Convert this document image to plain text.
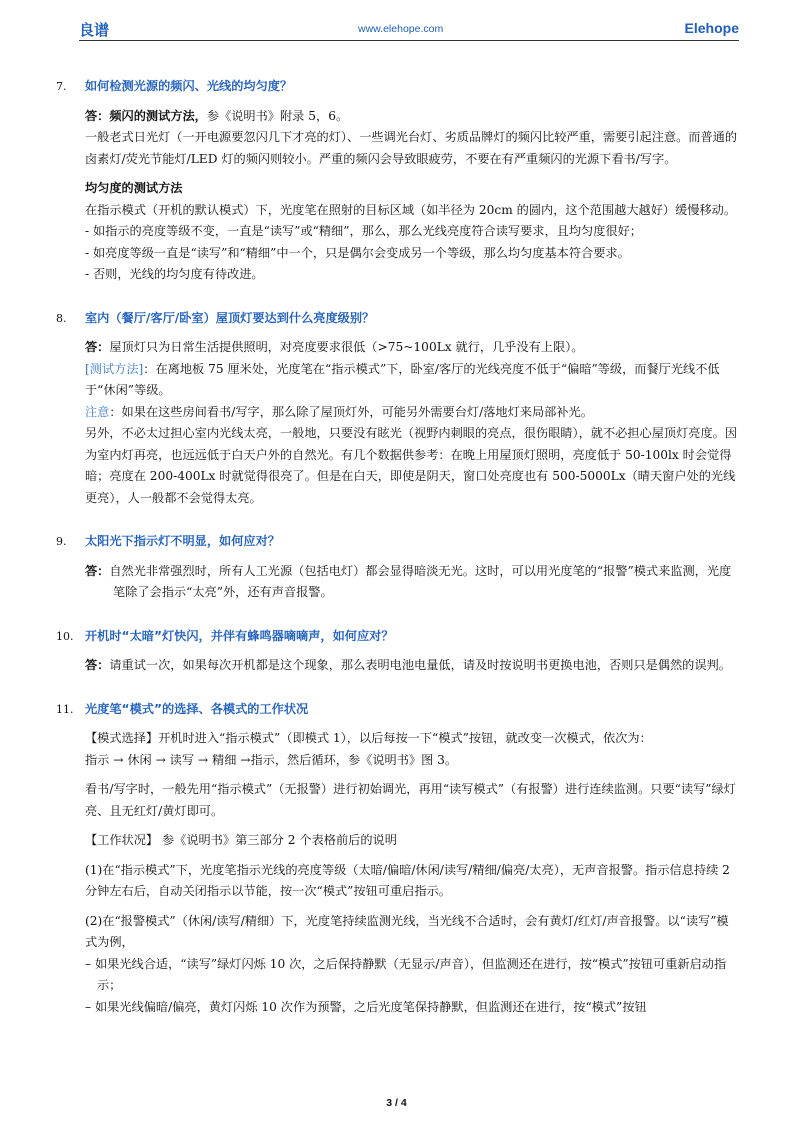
良谱	www.elehope.com	Elehope
7. 如何检测光源的频闪、光线的均匀度？

答：频闪的测试方法，参《说明书》附录 5，6。

一般老式日光灯（一开电源要忽闪几下才亮的灯）、一些调光台灯、劣质品牌灯的频闪比较严重，需要引起注意。而普通的卤素灯/荧光节能灯/LED 灯的频闪则较小。严重的频闪会导致眼疲劳，不要在有严重频闪的光源下看书/写字。

均匀度的测试方法

在指示模式（开机的默认模式）下，光度笔在照射的目标区域（如半径为 20cm 的圆内，这个范围越大越好）缓慢移动。

- 如指示的亮度等级不变，一直是“读写”或“精细”，那么，那么光线亮度符合读写要求，且均匀度很好；

- 如亮度等级一直是“读写”和“精细”中一个，只是偶尔会变成另一个等级，那么均匀度基本符合要求。

- 否则，光线的均匀度有待改进。

8. 室内（餐厅/客厅/卧室）屋顶灯要达到什么亮度级别？

答：屋顶灯只为日常生活提供照明，对亮度要求很低（>75~100Lx 就行，几乎没有上限）。

[测试方法]：在离地板 75 厘米处，光度笔在“指示模式”下，卧室/客厅的光线亮度不低于“偏暗”等级，而餐厅光线不低于“休闲”等级。

注意：如果在这些房间看书/写字，那么除了屋顶灯外，可能另外需要台灯/落地灯来局部补光。

另外，不必太过担心室内光线太亮，一般地，只要没有眩光（视野内刺眼的亮点，很伤眼睛），就不必担心屋顶灯亮度。因为室内灯再亮，也远远低于白天户外的自然光。有几个数据供参考：在晚上用屋顶灯照明，亮度低于 50-100lx 时会觉得暗；亮度在 200-400Lx 时就觉得很亮了。但是在白天，即使是阴天，窗口处亮度也有 500-5000Lx（晴天窗户处的光线更亮），人一般都不会觉得太亮。

9. 太阳光下指示灯不明显，如何应对？

答：自然光非常强烈时，所有人工光源（包括电灯）都会显得暗淡无光。这时，可以用光度笔的“报警”模式来监测，光度笔除了会指示“太亮”外，还有声音报警。

10. 开机时“太暗”灯快闪，并伴有蜂鸣器嘀嘀声，如何应对？

答：请重试一次，如果每次开机都是这个现象，那么表明电池电量低，请及时按说明书更换电池，否则只是偶然的误判。

11. 光度笔“模式”的选择、各模式的工作状况

【模式选择】开机时进入“指示模式”（即模式 1），以后每按一下“模式”按钮，就改变一次模式，依次为：

指示 → 休闲 → 读写 → 精细 →指示，然后循环，参《说明书》图 3。

看书/写字时，一般先用“指示模式”（无报警）进行初始调光，再用“读写模式”（有报警）进行连续监测。只要“读写”绿灯亮、且无红灯/黄灯即可。

【工作状况】 参《说明书》第三部分 2 个表格前后的说明

(1)在“指示模式”下，光度笔指示光线的亮度等级（太暗/偏暗/休闲/读写/精细/偏亮/太亮），无声音报警。指示信息持续 2 分钟左右后，自动关闭指示以节能，按一次“模式”按钮可重启指示。

(2)在“报警模式”（休闲/读写/精细）下，光度笔持续监测光线，当光线不合适时，会有黄灯/红灯/声音报警。以“读写”模式为例，

– 如果光线合适，“读写”绿灯闪烁 10 次，之后保持静默（无显示/声音），但监测还在进行，按“模式”按钮可重新启动指示；

– 如果光线偏暗/偏亮，黄灯闪烁 10 次作为预警，之后光度笔保持静默，但监测还在进行，按“模式”按钮

3 / 4
